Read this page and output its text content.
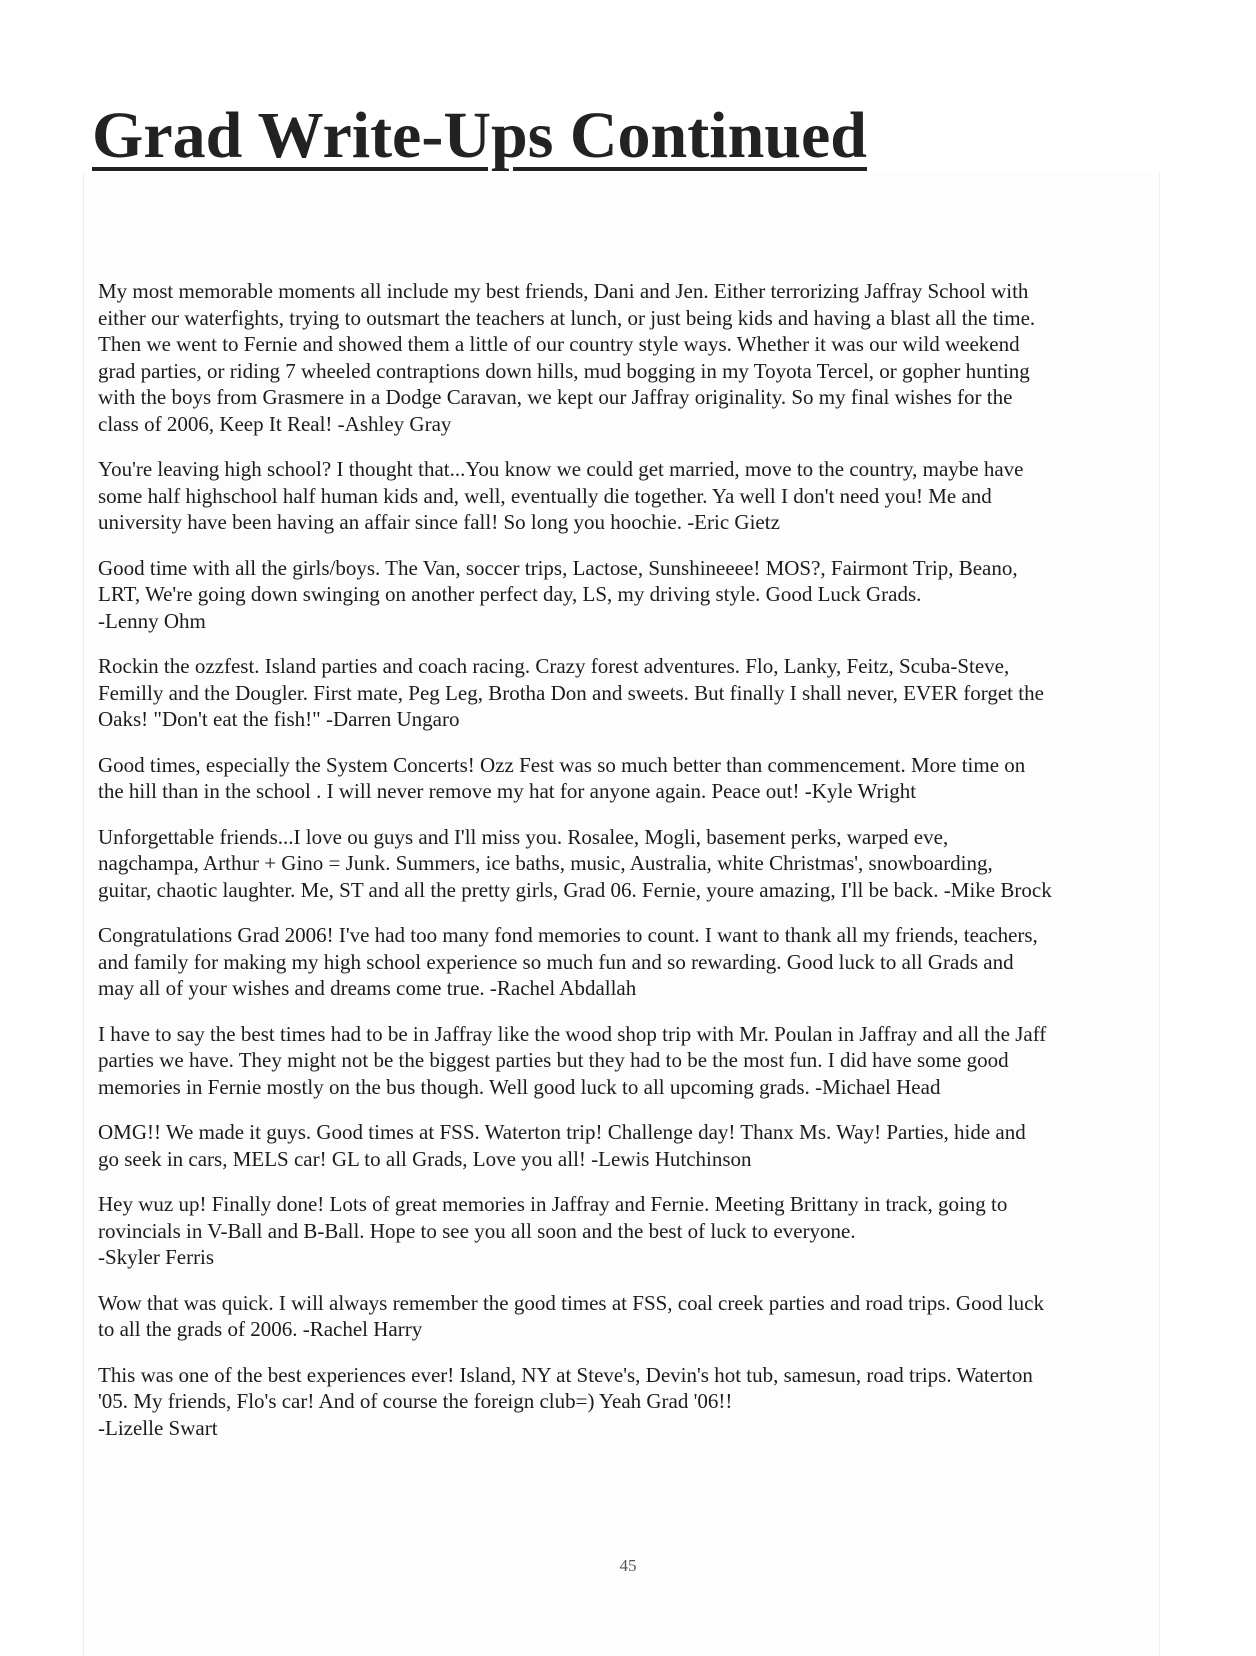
Grad Write-Ups Continued

My most memorable moments all include my best friends, Dani and Jen. Either terrorizing Jaffray School with
either our waterfights, trying to outsmart the teachers at lunch, or just being kids and having a blast all the time.
Then we went to Fernie and showed them a little of our country style ways. Whether it was our wild weekend
grad parties, or riding 7 wheeled contraptions down hills, mud bogging in my Toyota Tercel, or gopher hunting
with the boys from Grasmere in a Dodge Caravan, we kept our Jaffray originality. So my final wishes for the
class of 2006, Keep It Real! -Ashley Gray

You're leaving high school? I thought that...You know we could get married, move to the country, maybe have
some half highschool half human kids and, well, eventually die together. Ya well I don't need you! Me and
university have been having an affair since fall! So long you hoochie. -Eric Gietz

Good time with all the girls/boys. The Van, soccer trips, Lactose, Sunshineeee! MOS?, Fairmont Trip, Beano,
LRT, We're going down swinging on another perfect day, LS, my driving style. Good Luck Grads.
-Lenny Ohm

Rockin the ozzfest. Island parties and coach racing. Crazy forest adventures. Flo, Lanky, Feitz, Scuba-Steve,
Femilly and the Dougler. First mate, Peg Leg, Brotha Don and sweets. But finally I shall never, EVER forget the
Oaks! "Don't eat the fish!" -Darren Ungaro

Good times, especially the System Concerts! Ozz Fest was so much better than commencement. More time on
the hill than in the school . I will never remove my hat for anyone again. Peace out! -Kyle Wright

Unforgettable friends...I love ou guys and I'll miss you. Rosalee, Mogli, basement perks, warped eve,
nagchampa, Arthur + Gino = Junk. Summers, ice baths, music, Australia, white Christmas', snowboarding,
guitar, chaotic laughter. Me, ST and all the pretty girls, Grad 06. Fernie, youre amazing, I'll be back. -Mike Brock

Congratulations Grad 2006! I've had too many fond memories to count. I want to thank all my friends, teachers,
and family for making my high school experience so much fun and so rewarding. Good luck to all Grads and
may all of your wishes and dreams come true. -Rachel Abdallah

I have to say the best times had to be in Jaffray like the wood shop trip with Mr. Poulan in Jaffray and all the Jaff
parties we have. They might not be the biggest parties but they had to be the most fun. I did have some good
memories in Fernie mostly on the bus though. Well good luck to all upcoming grads. -Michael Head

OMG!! We made it guys. Good times at FSS. Waterton trip! Challenge day! Thanx Ms. Way! Parties, hide and
go seek in cars, MELS car! GL to all Grads, Love you all! -Lewis Hutchinson

Hey wuz up! Finally done! Lots of great memories in Jaffray and Fernie. Meeting Brittany in track, going to
rovincials in V-Ball and B-Ball. Hope to see you all soon and the best of luck to everyone.
-Skyler Ferris

Wow that was quick. I will always remember the good times at FSS, coal creek parties and road trips. Good luck
to all the grads of 2006. -Rachel Harry

This was one of the best experiences ever! Island, NY at Steve's, Devin's hot tub, samesun, road trips. Waterton
'05. My friends, Flo's car! And of course the foreign club=) Yeah Grad '06!!
-Lizelle Swart

45
